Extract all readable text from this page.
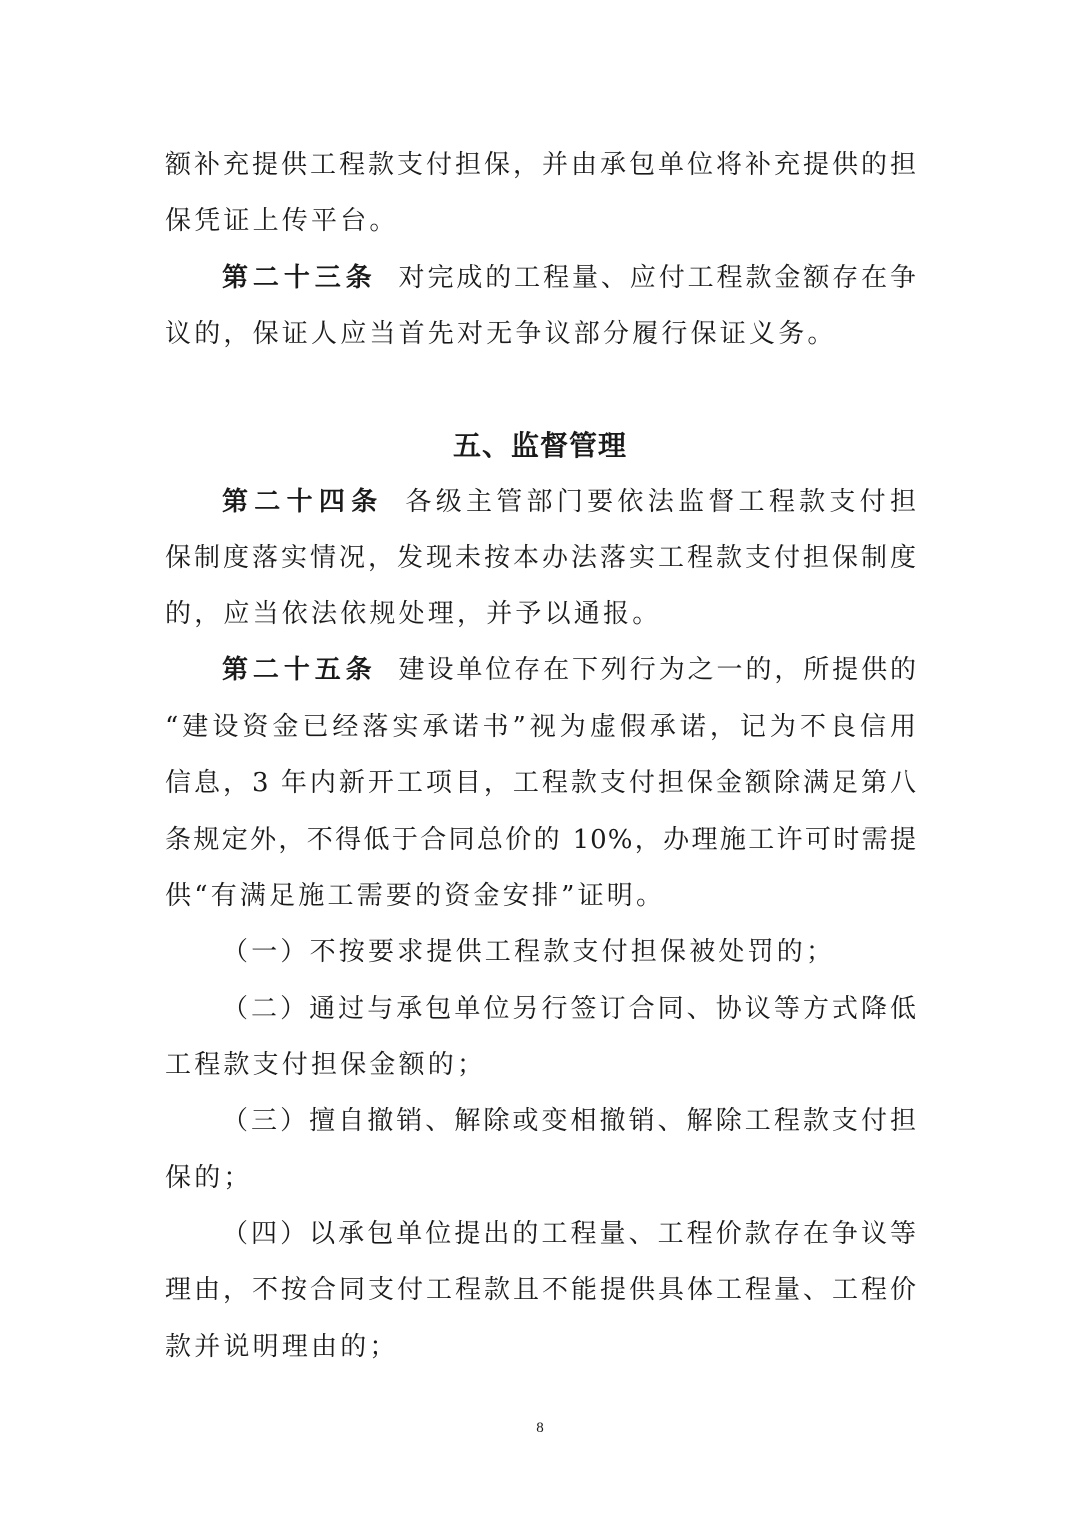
额补充提供工程款支付担保，并由承包单位将补充提供的担
保凭证上传平台。
第二十三条 对完成的工程量、应付工程款金额存在争
议的，保证人应当首先对无争议部分履行保证义务。
五、监督管理
第二十四条 各级主管部门要依法监督工程款支付担
保制度落实情况，发现未按本办法落实工程款支付担保制度
的，应当依法依规处理，并予以通报。
第二十五条 建设单位存在下列行为之一的，所提供的
“建设资金已经落实承诺书”视为虚假承诺，记为不良信用
信息，3 年内新开工项目，工程款支付担保金额除满足第八
条规定外，不得低于合同总价的 10%，办理施工许可时需提
供“有满足施工需要的资金安排”证明。
（一）不按要求提供工程款支付担保被处罚的；
（二）通过与承包单位另行签订合同、协议等方式降低
工程款支付担保金额的；
（三）擅自撤销、解除或变相撤销、解除工程款支付担
保的；
（四）以承包单位提出的工程量、工程价款存在争议等
理由，不按合同支付工程款且不能提供具体工程量、工程价
款并说明理由的；
8
